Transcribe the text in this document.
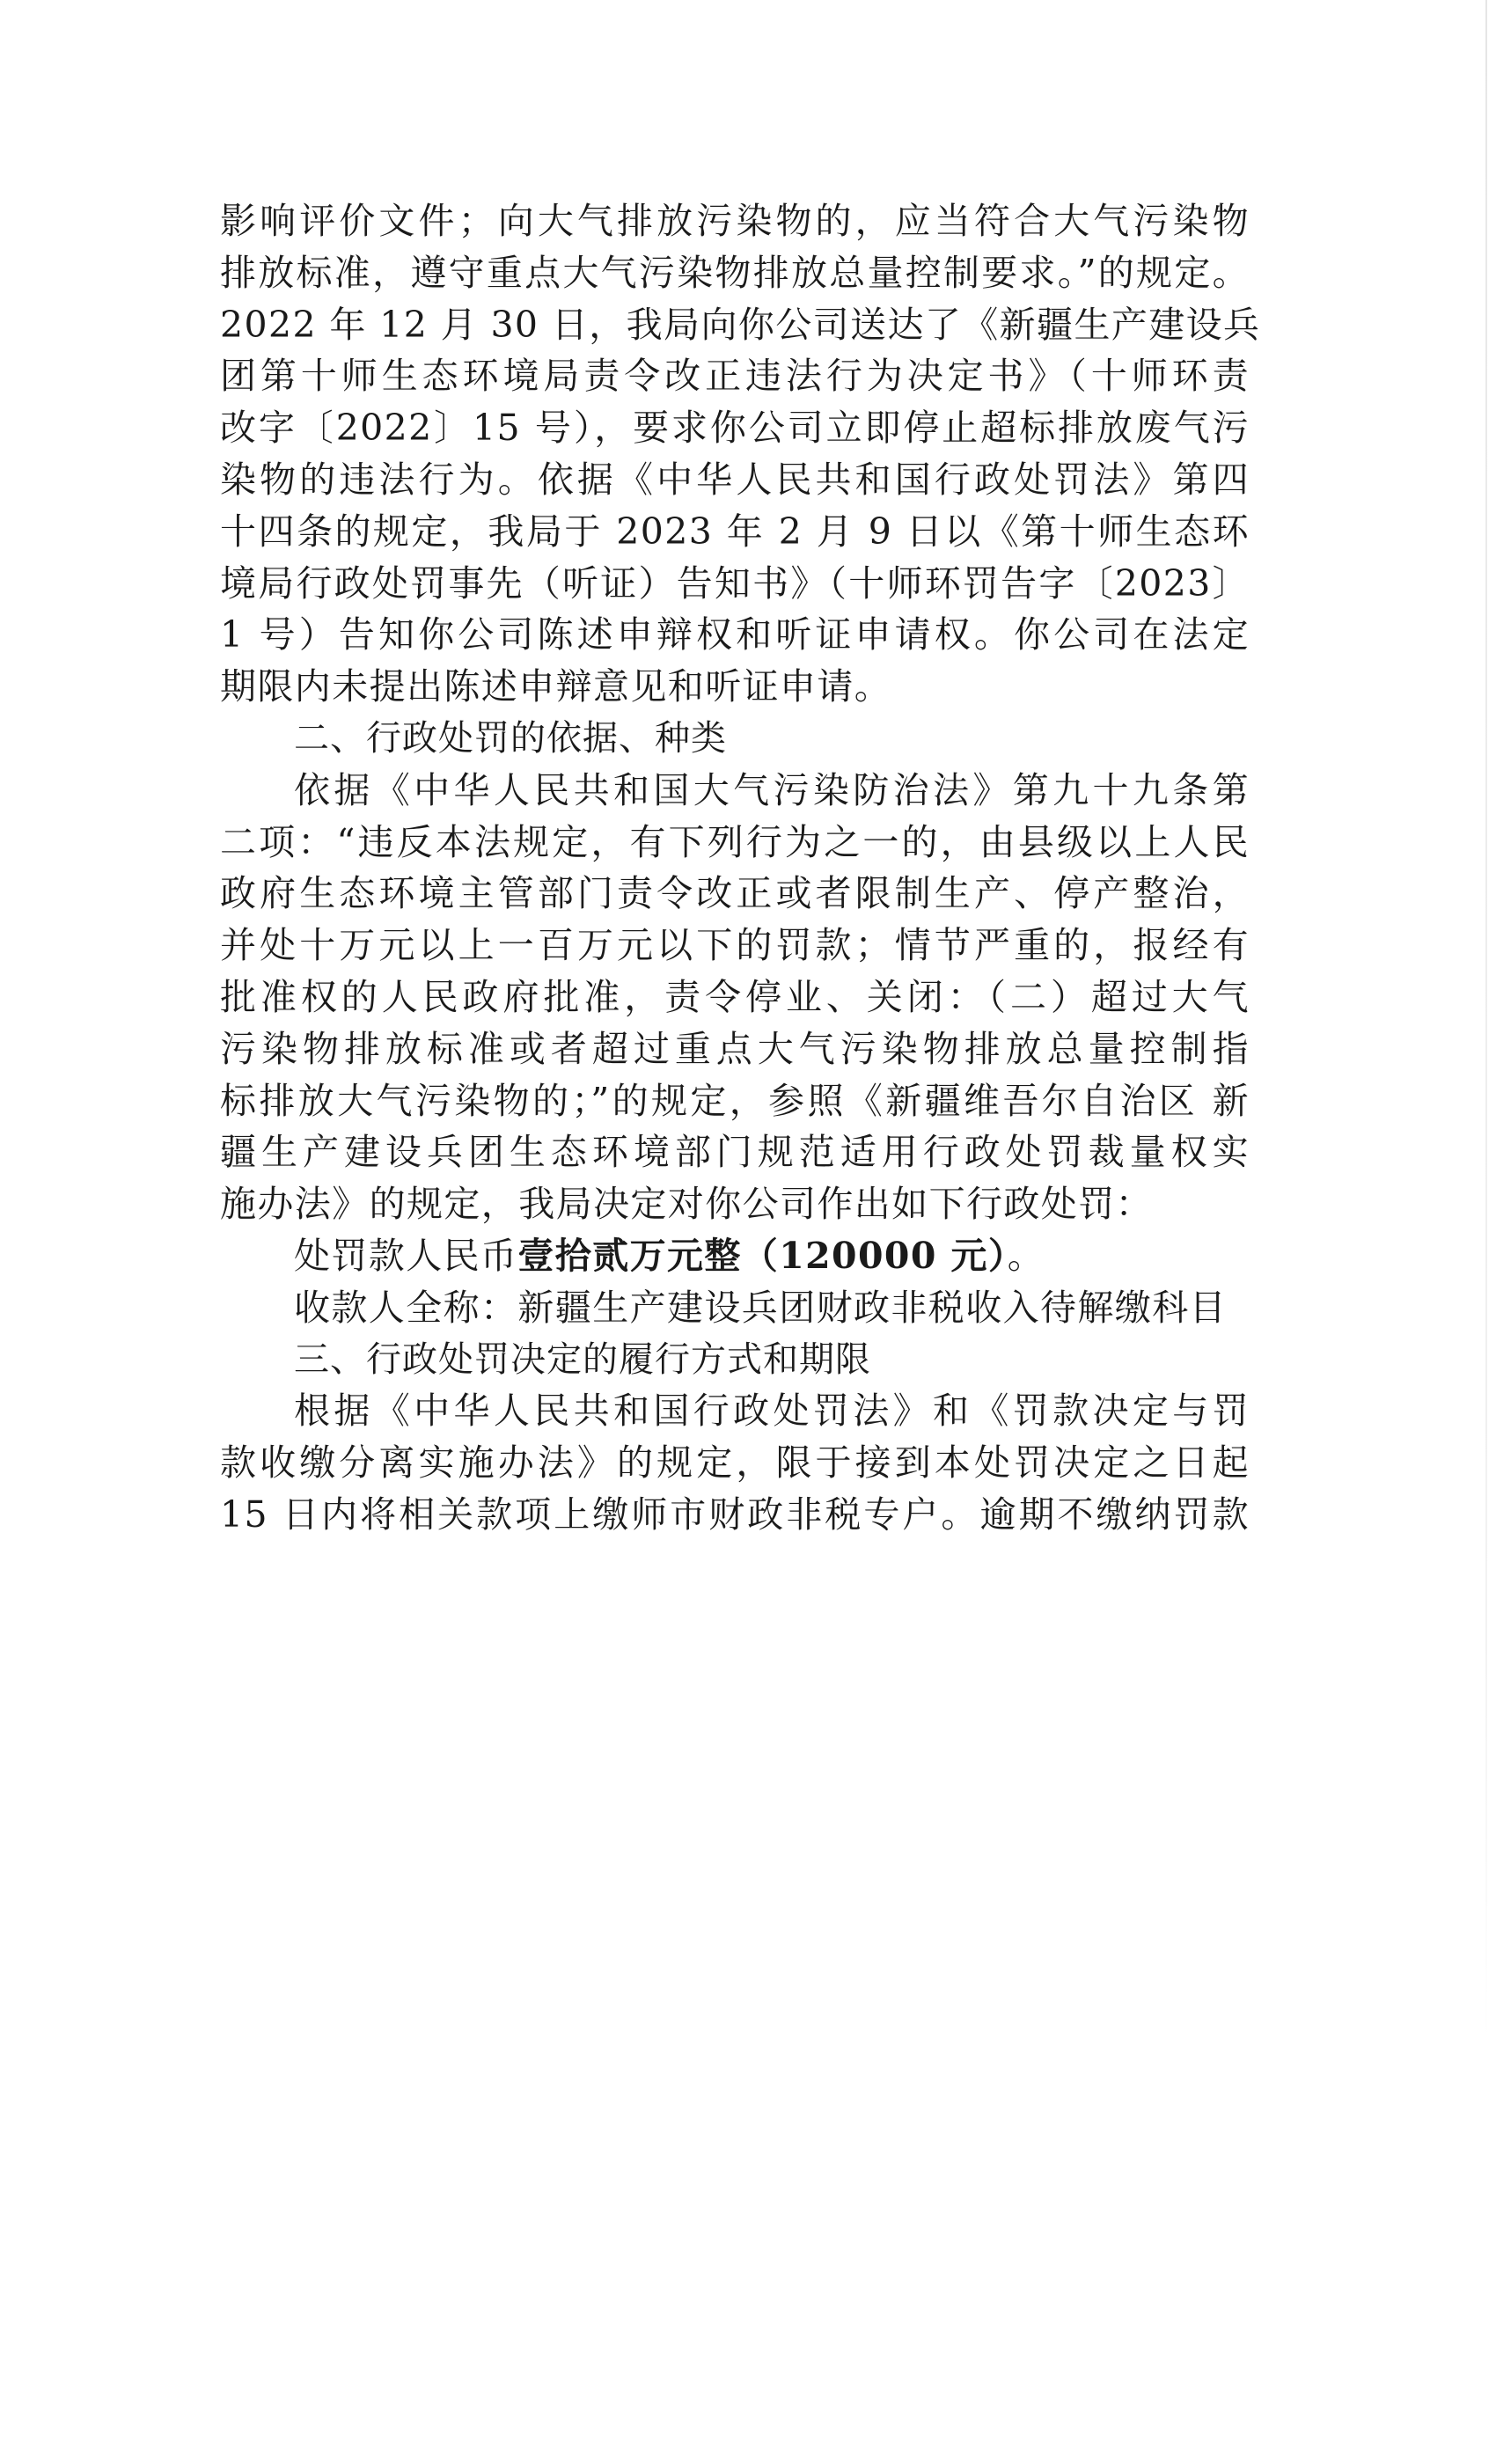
影响评价文件；向大气排放污染物的，应当符合大气污染物
排放标准，遵守重点大气污染物排放总量控制要求。”的规定。
2022 年 12 月 30 日，我局向你公司送达了《新疆生产建设兵
团第十师生态环境局责令改正违法行为决定书》（十师环责
改字〔2022〕15 号），要求你公司立即停止超标排放废气污
染物的违法行为。依据《中华人民共和国行政处罚法》第四
十四条的规定，我局于 2023 年 2 月 9 日以《第十师生态环
境局行政处罚事先（听证）告知书》（十师环罚告字〔2023〕
1 号）告知你公司陈述申辩权和听证申请权。你公司在法定
期限内未提出陈述申辩意见和听证申请。
二、行政处罚的依据、种类
依据《中华人民共和国大气污染防治法》第九十九条第
二项：“违反本法规定，有下列行为之一的，由县级以上人民
政府生态环境主管部门责令改正或者限制生产、停产整治，
并处十万元以上一百万元以下的罚款；情节严重的，报经有
批准权的人民政府批准，责令停业、关闭：（二）超过大气
污染物排放标准或者超过重点大气污染物排放总量控制指
标排放大气污染物的；”的规定，参照《新疆维吾尔自治区 新
疆生产建设兵团生态环境部门规范适用行政处罚裁量权实
施办法》的规定，我局决定对你公司作出如下行政处罚：
处罚款人民币壹拾贰万元整（120000 元）。
收款人全称：新疆生产建设兵团财政非税收入待解缴科目
三、行政处罚决定的履行方式和期限
根据《中华人民共和国行政处罚法》和《罚款决定与罚
款收缴分离实施办法》的规定，限于接到本处罚决定之日起
15 日内将相关款项上缴师市财政非税专户。逾期不缴纳罚款
